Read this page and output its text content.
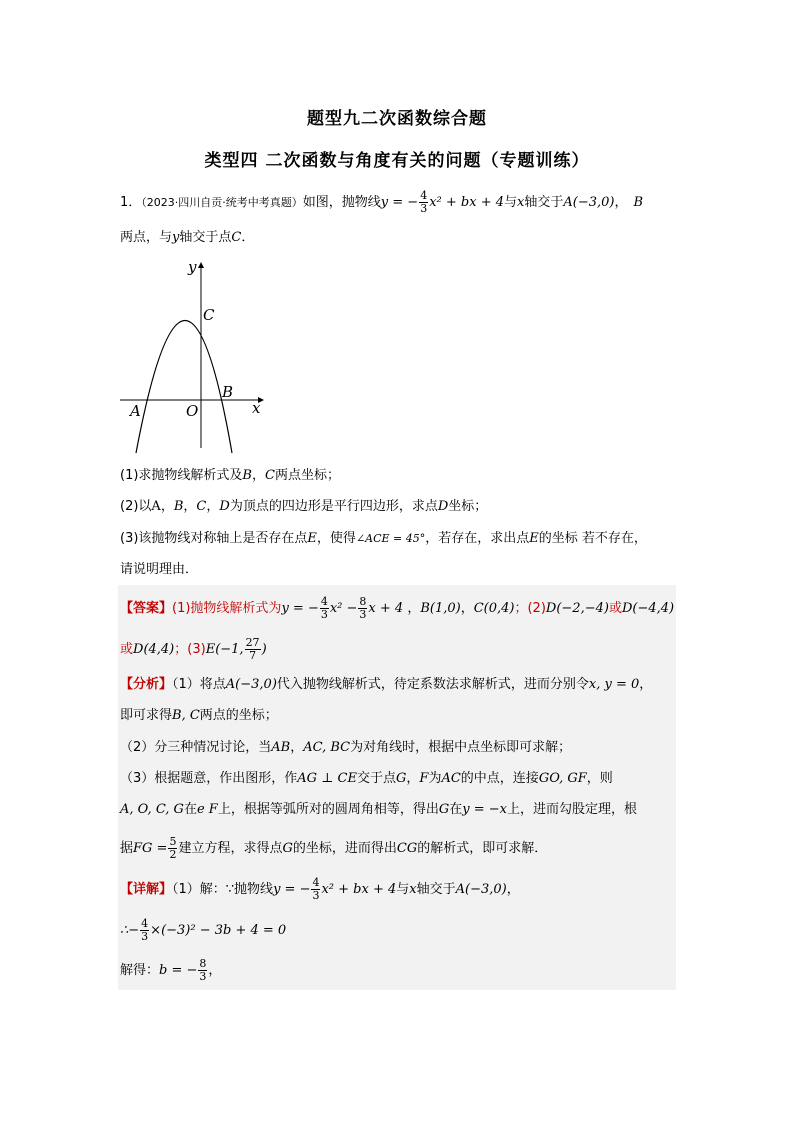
题型九二次函数综合题
类型四 二次函数与角度有关的问题（专题训练）
1．（2023·四川自贡·统考中考真题）如图，抛物线y = − $\frac{4}{3} x^2$ + bx + 4与x轴交于A(−3,0)， B
两点，与y轴交于点C．
y
x
A	O
B
C
(1)求抛物线解析式及B，C两点坐标；
(2)以A，B，C，D为顶点的四边形是平行四边形，求点D坐标；
(3)该抛物线对称轴上是否存在点E，使得∠ACE = 45°，若存在，求出点E的坐标 若不存在，
请说明理由．
【答案】(1)抛物线解析式为y = − $\frac{4}{3} x^2 - \frac{8}{3}$ x + 4 ，B(1,0)，C(0,4)；(2)D(−2,−4)或D(−4,4)
或D(4,4)；(3)E(−1, $\frac{27}{7}$ )
【分析】（1）将点A(−3,0)代入抛物线解析式，待定系数法求解析式，进而分别令x, y = 0，
即可求得B, C两点的坐标；
（2）分三种情况讨论，当AB，AC, BC为对角线时，根据中点坐标即可求解；
（3）根据题意，作出图形，作AG ⊥ CE交于点G，F为AC的中点，连接GO, GF，则
A, O, C, G在e F上，根据等弧所对的圆周角相等，得出G在y = −x上，进而勾股定理，根
据FG = $\frac{5}{2}$ 建立方程，求得点G的坐标，进而得出CG的解析式，即可求解．
【详解】（1）解：∵抛物线y = − $\frac{4}{3} x^2$ + bx + 4与x轴交于A(−3,0)，
∴− $\frac{4}{3} \times(-3)^2 - 3b + 4 = 0$
解得：b = − $\frac{8}{3}$ ，
